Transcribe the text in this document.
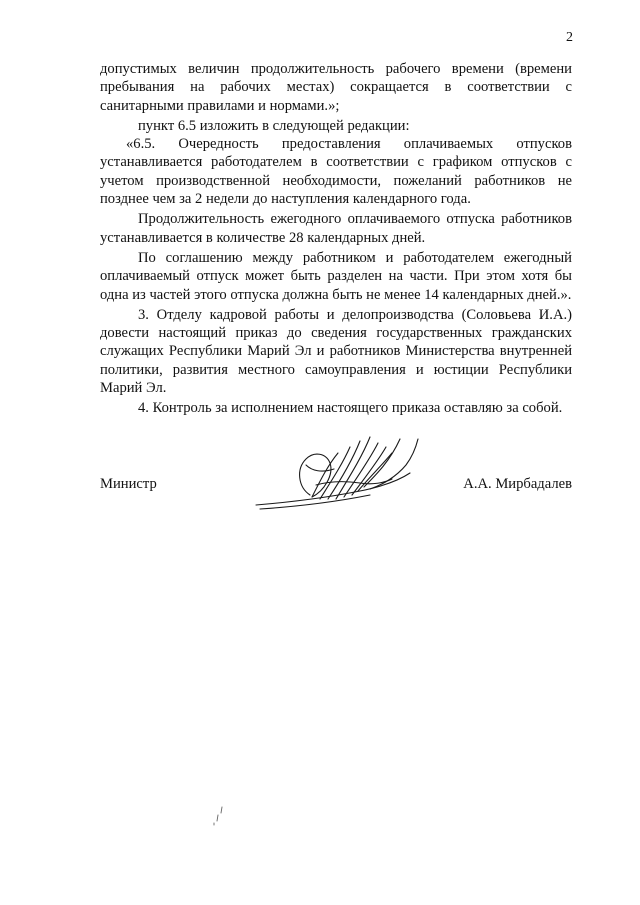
2

допустимых величин продолжительность рабочего времени (времени пребывания на рабочих местах) сокращается в соответствии с санитарными правилами и нормами.»;

пункт 6.5 изложить в следующей редакции:

«6.5. Очередность предоставления оплачиваемых отпусков устанавливается работодателем в соответствии с графиком отпусков с учетом производственной необходимости, пожеланий работников не позднее чем за 2 недели до наступления календарного года.

Продолжительность ежегодного оплачиваемого отпуска работников устанавливается в количестве 28 календарных дней.

По соглашению между работником и работодателем ежегодный оплачиваемый отпуск может быть разделен на части. При этом хотя бы одна из частей этого отпуска должна быть не менее 14 календарных дней.».

3. Отделу кадровой работы и делопроизводства (Соловьева И.А.) довести настоящий приказ до сведения государственных гражданских служащих Республики Марий Эл и работников Министерства внутренней политики, развития местного самоуправления и юстиции Республики Марий Эл.

4. Контроль за исполнением настоящего приказа оставляю за собой.

Министр	А.А. Мирбадалев
